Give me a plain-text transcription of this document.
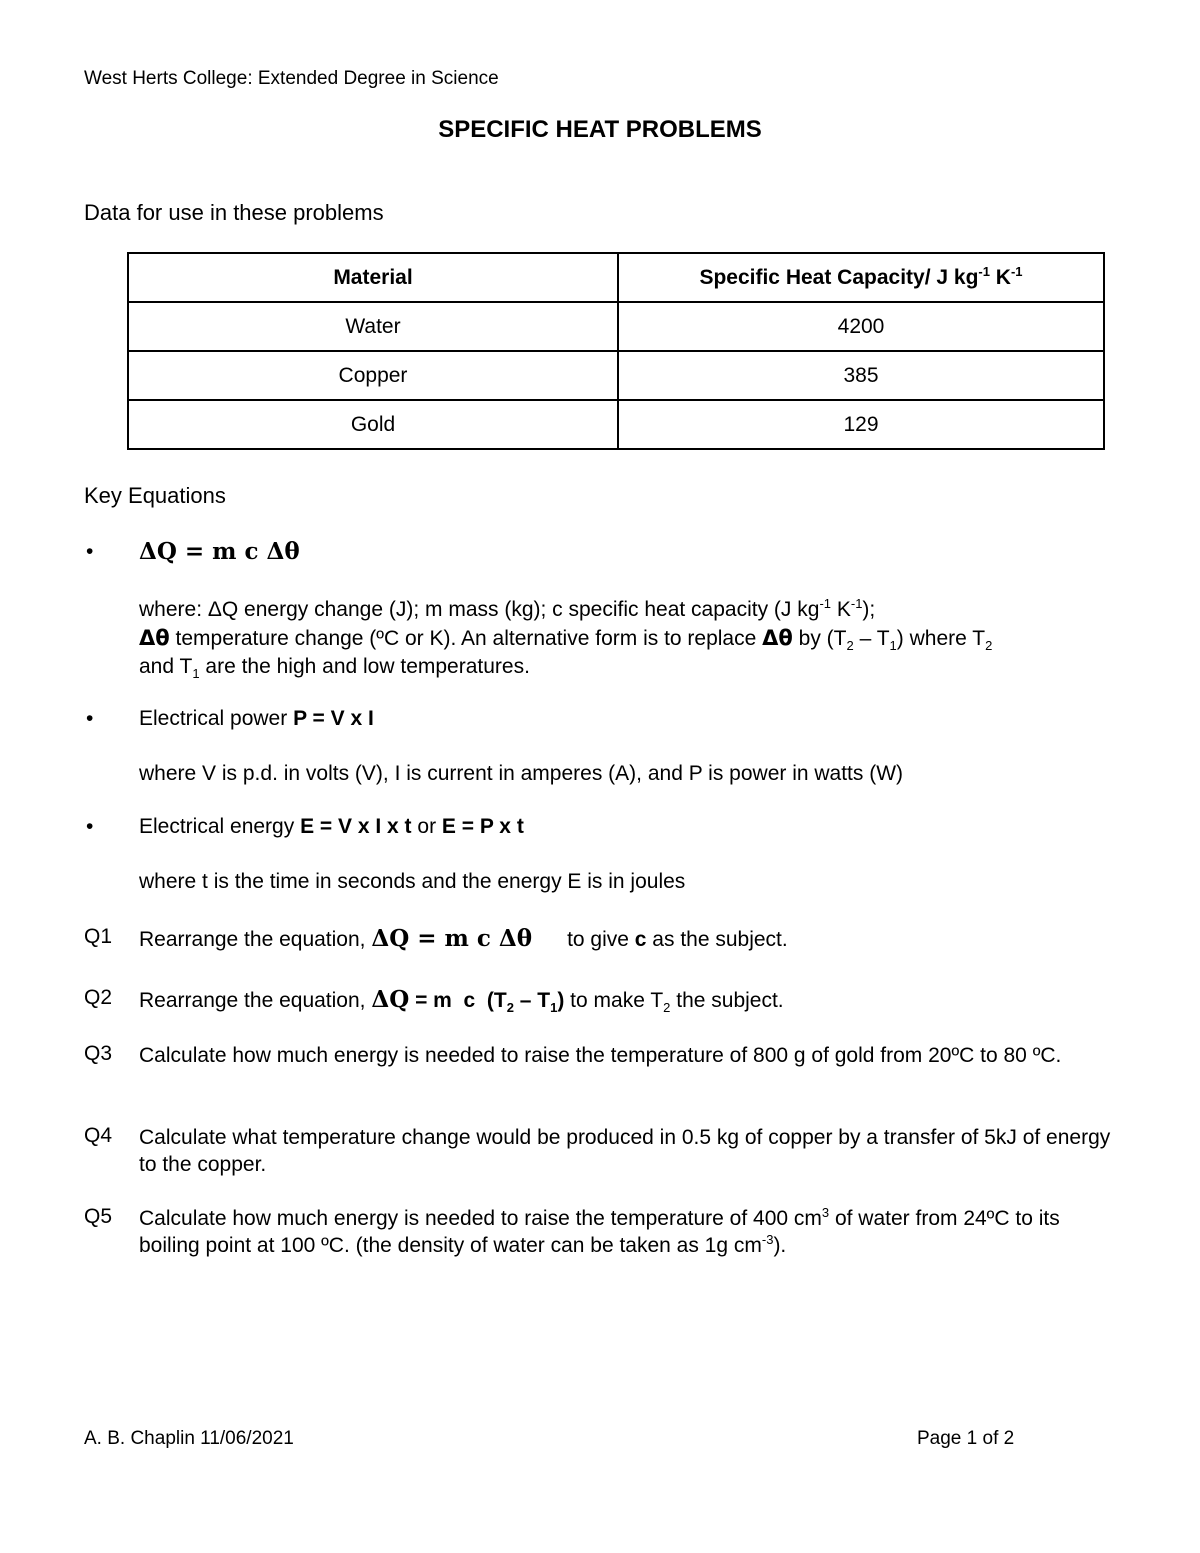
West Herts College: Extended Degree in Science
SPECIFIC HEAT PROBLEMS
Data for use in these problems
Material	Specific Heat Capacity/ J $kg^{-1}$ $K^{-1}$
Water	4200
Copper	385
Gold	129
Key Equations
• ΔQ = m c Δθ
where: ΔQ energy change (J); m mass (kg); c specific heat capacity (J $kg^{-1}$ $K^{-1}$);
Δθ temperature change (ºC or K). An alternative form is to replace Δθ by $(T_2 - T_1)$ where $T_2$
and $T_1$ are the high and low temperatures.
• Electrical power P = V x I
where V is p.d. in volts (V), I is current in amperes (A), and P is power in watts (W)
• Electrical energy E = V x I x t or E = P x t
where t is the time in seconds and the energy E is in joules
Q1 Rearrange the equation, ΔQ = m c Δθ      to give c as the subject.
Q2 Rearrange the equation, ΔQ = m  c  $(T_2 - T_1)$ to make $T_2$ the subject.
Q3 Calculate how much energy is needed to raise the temperature of 800 g of gold from 20ºC to 80 ºC.
Q4 Calculate what temperature change would be produced in 0.5 kg of copper by a transfer of 5kJ of energy to the copper.
Q5 Calculate how much energy is needed to raise the temperature of 400 $cm^3$ of water from 24ºC to its boiling point at 100 ºC. (the density of water can be taken as 1g $cm^{-3}$).
A. B. Chaplin 11/06/2021	Page 1 of 2
